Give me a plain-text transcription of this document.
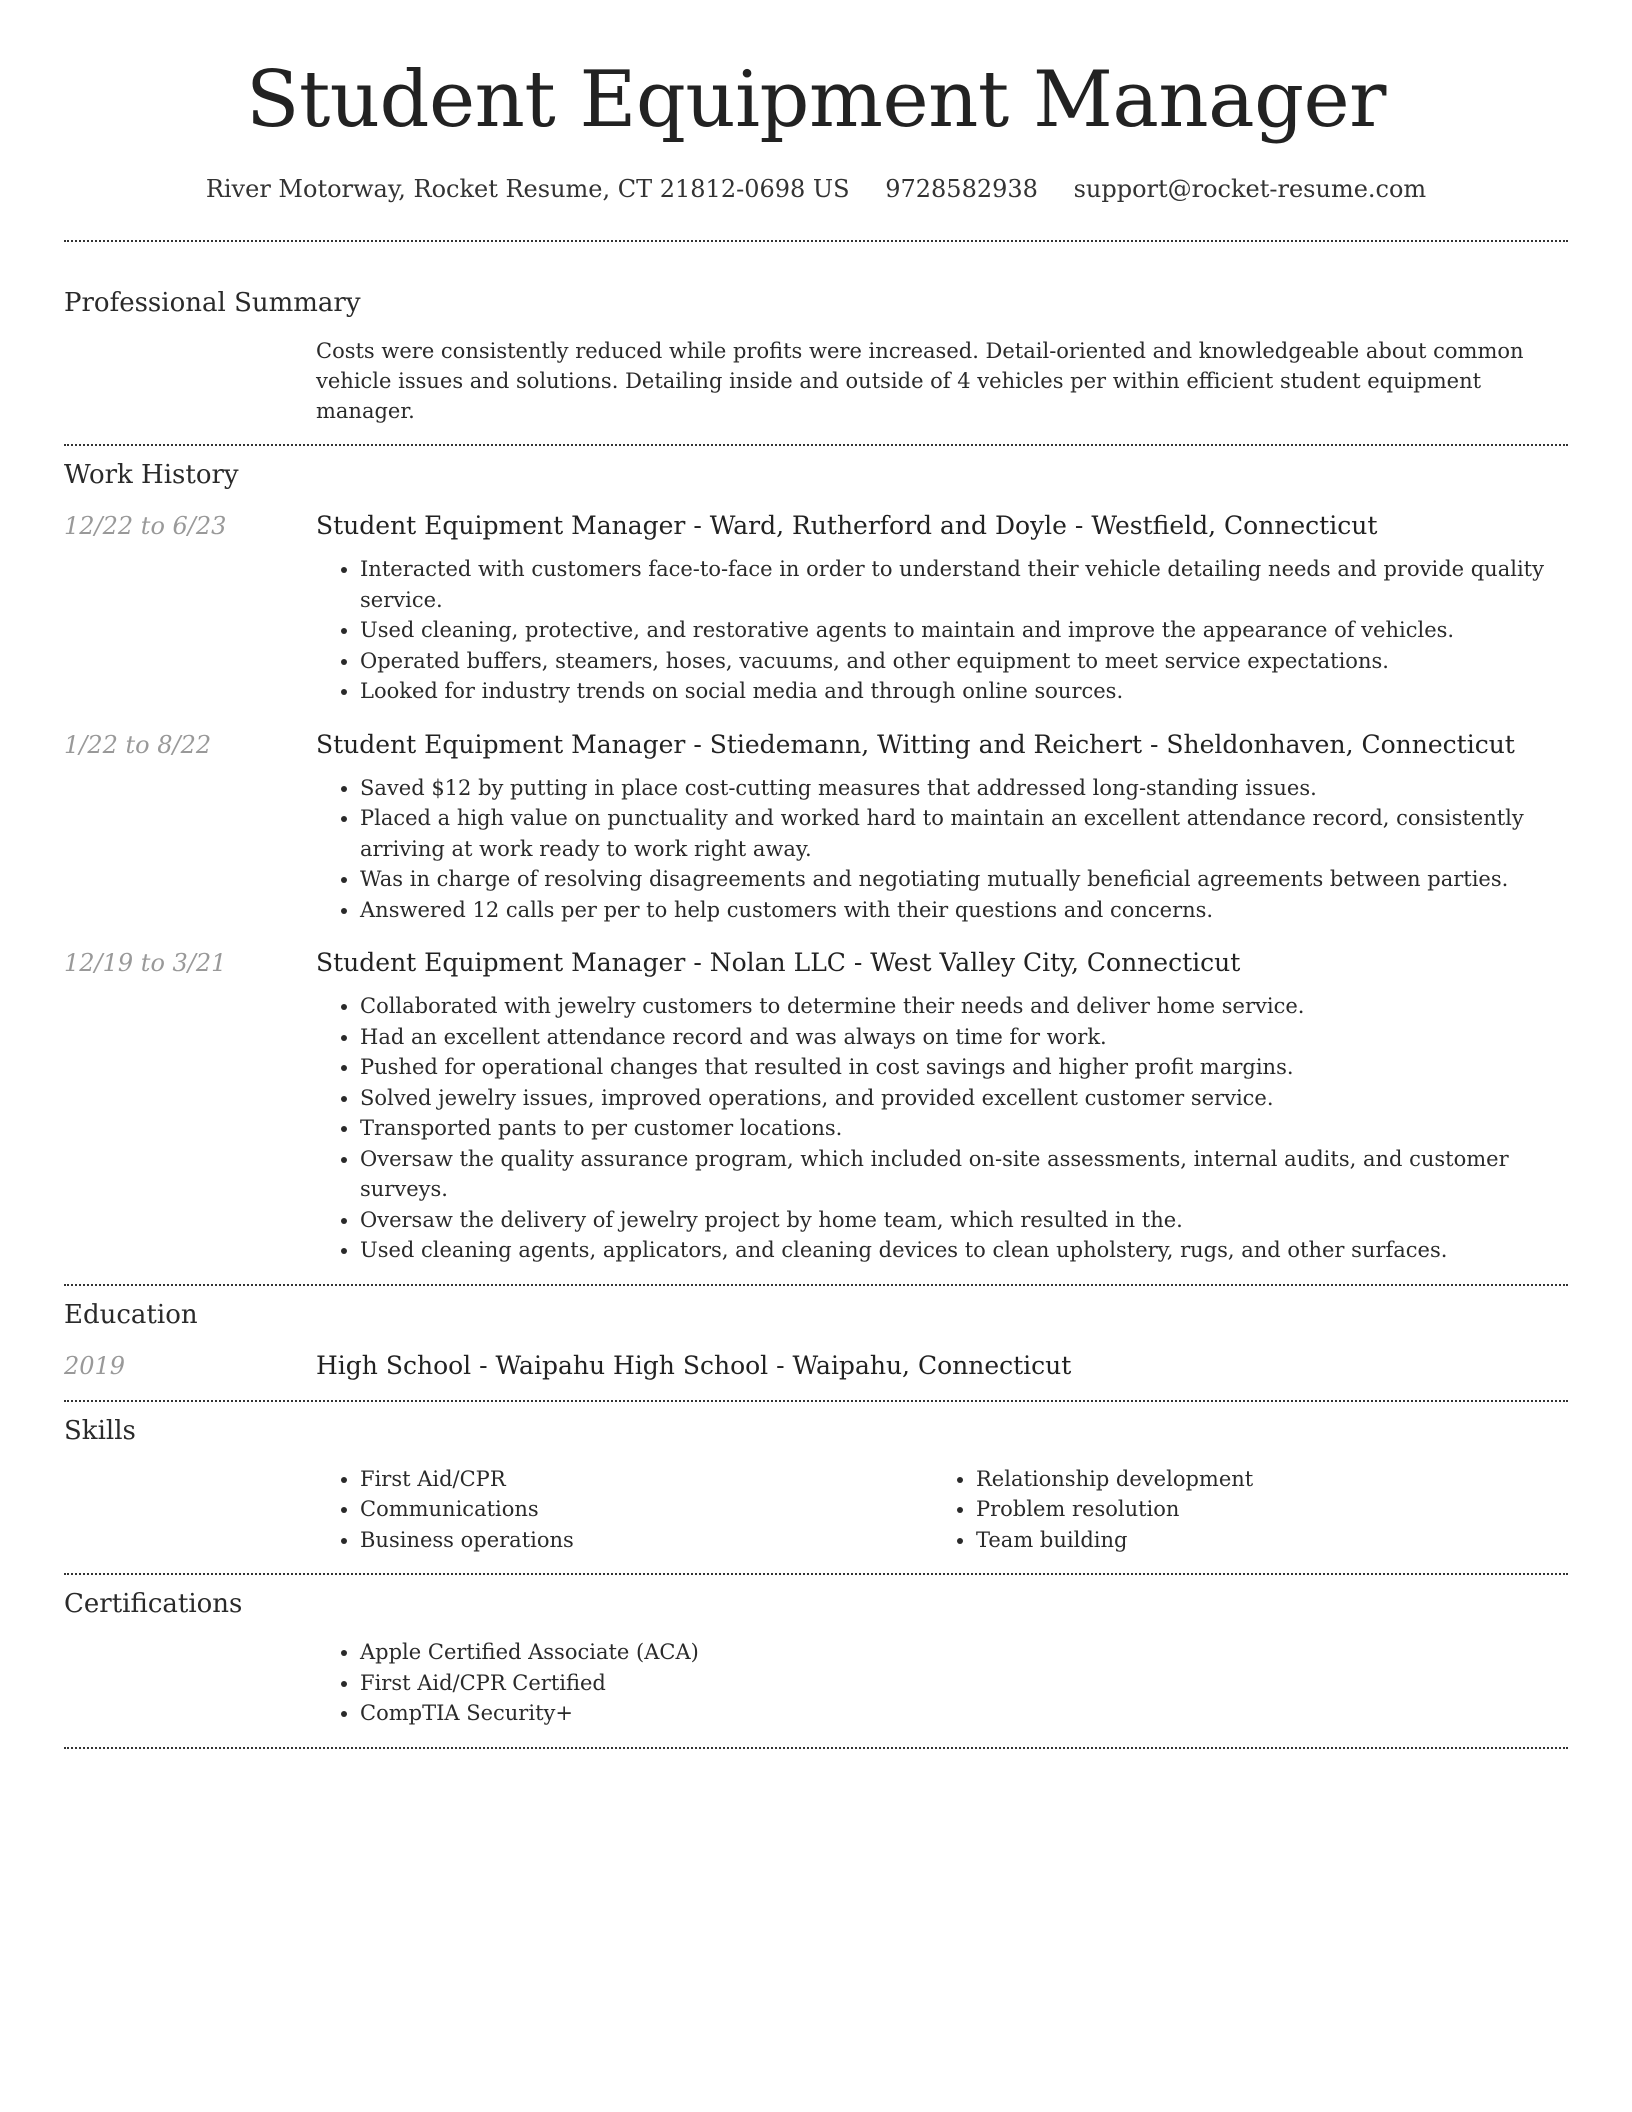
Student Equipment Manager
River Motorway, Rocket Resume, CT 21812-0698 US 9728582938 support@rocket-resume.com
Professional Summary

Costs were consistently reduced while profits were increased. Detail-oriented and knowledgeable about common vehicle issues and solutions. Detailing inside and outside of 4 vehicles per within efficient student equipment manager.

Work History
12/22 to 6/23	Student Equipment Manager - Ward, Rutherford and Doyle - Westfield, Connecticut
• Interacted with customers face-to-face in order to understand their vehicle detailing needs and provide quality service.
• Used cleaning, protective, and restorative agents to maintain and improve the appearance of vehicles.
• Operated buffers, steamers, hoses, vacuums, and other equipment to meet service expectations.
• Looked for industry trends on social media and through online sources.
1/22 to 8/22	Student Equipment Manager - Stiedemann, Witting and Reichert - Sheldonhaven, Connecticut
• Saved $12 by putting in place cost-cutting measures that addressed long-standing issues.
• Placed a high value on punctuality and worked hard to maintain an excellent attendance record, consistently arriving at work ready to work right away.
• Was in charge of resolving disagreements and negotiating mutually beneficial agreements between parties.
• Answered 12 calls per per to help customers with their questions and concerns.
12/19 to 3/21	Student Equipment Manager - Nolan LLC - West Valley City, Connecticut
• Collaborated with jewelry customers to determine their needs and deliver home service.
• Had an excellent attendance record and was always on time for work.
• Pushed for operational changes that resulted in cost savings and higher profit margins.
• Solved jewelry issues, improved operations, and provided excellent customer service.
• Transported pants to per customer locations.
• Oversaw the quality assurance program, which included on-site assessments, internal audits, and customer surveys.
• Oversaw the delivery of jewelry project by home team, which resulted in the.
• Used cleaning agents, applicators, and cleaning devices to clean upholstery, rugs, and other surfaces.
Education
2019	High School - Waipahu High School - Waipahu, Connecticut
Skills
• First Aid/CPR
• Communications
• Business operations
• Relationship development
• Problem resolution
• Team building
Certifications
• Apple Certified Associate (ACA)
• First Aid/CPR Certified
• CompTIA Security+
